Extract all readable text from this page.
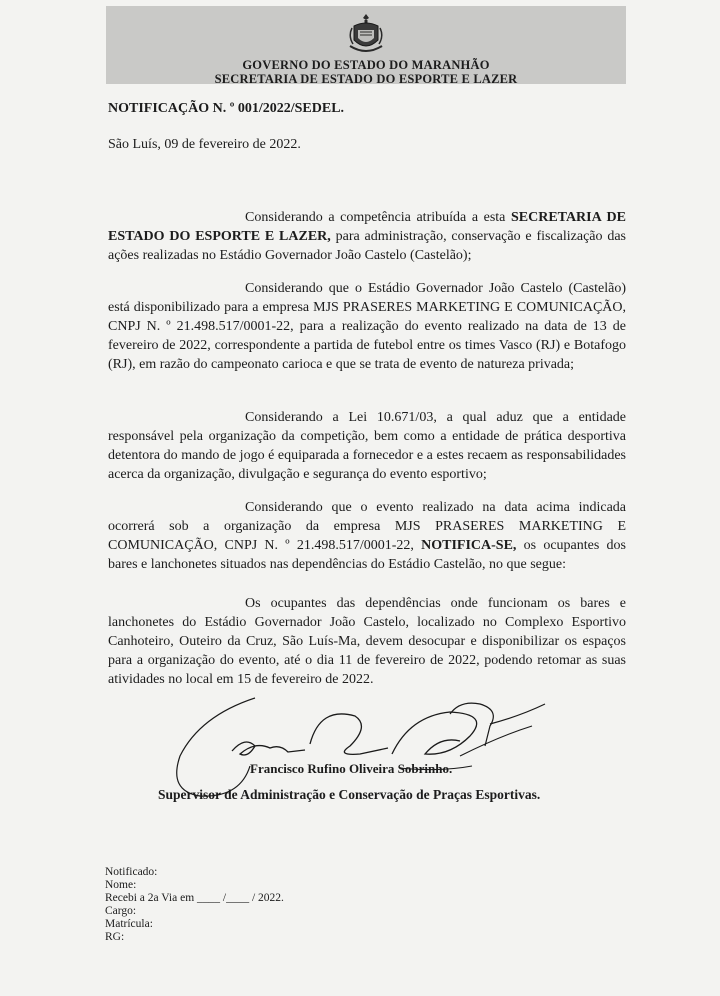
GOVERNO DO ESTADO DO MARANHÃO
SECRETARIA DE ESTADO DO ESPORTE E LAZER
NOTIFICAÇÃO N. º 001/2022/SEDEL.
São Luís, 09 de fevereiro de 2022.
Considerando a competência atribuída a esta SECRETARIA DE ESTADO DO ESPORTE E LAZER, para administração, conservação e fiscalização das ações realizadas no Estádio Governador João Castelo (Castelão);
Considerando que o Estádio Governador João Castelo (Castelão) está disponibilizado para a empresa MJS PRASERES MARKETING E COMUNICAÇÃO, CNPJ N. º 21.498.517/0001-22, para a realização do evento realizado na data de 13 de fevereiro de 2022, correspondente a partida de futebol entre os times Vasco (RJ) e Botafogo (RJ), em razão do campeonato carioca e que se trata de evento de natureza privada;
Considerando a Lei 10.671/03, a qual aduz que a entidade responsável pela organização da competição, bem como a entidade de prática desportiva detentora do mando de jogo é equiparada a fornecedor e a estes recaem as responsabilidades acerca da organização, divulgação e segurança do evento esportivo;
Considerando que o evento realizado na data acima indicada ocorrerá sob a organização da empresa MJS PRASERES MARKETING E COMUNICAÇÃO, CNPJ N. º 21.498.517/0001-22, NOTIFICA-SE, os ocupantes dos bares e lanchonetes situados nas dependências do Estádio Castelão, no que segue:
Os ocupantes das dependências onde funcionam os bares e lanchonetes do Estádio Governador João Castelo, localizado no Complexo Esportivo Canhoteiro, Outeiro da Cruz, São Luís-Ma, devem desocupar e disponibilizar os espaços para a organização do evento, até o dia 11 de fevereiro de 2022, podendo retomar as suas atividades no local em 15 de fevereiro de 2022.
Francisco Rufino Oliveira Sobrinho.
Supervisor de Administração e Conservação de Praças Esportivas.
Notificado:
Nome:
Recebi a 2a Via em ____ /____ / 2022.
Cargo:
Matrícula:
RG:
